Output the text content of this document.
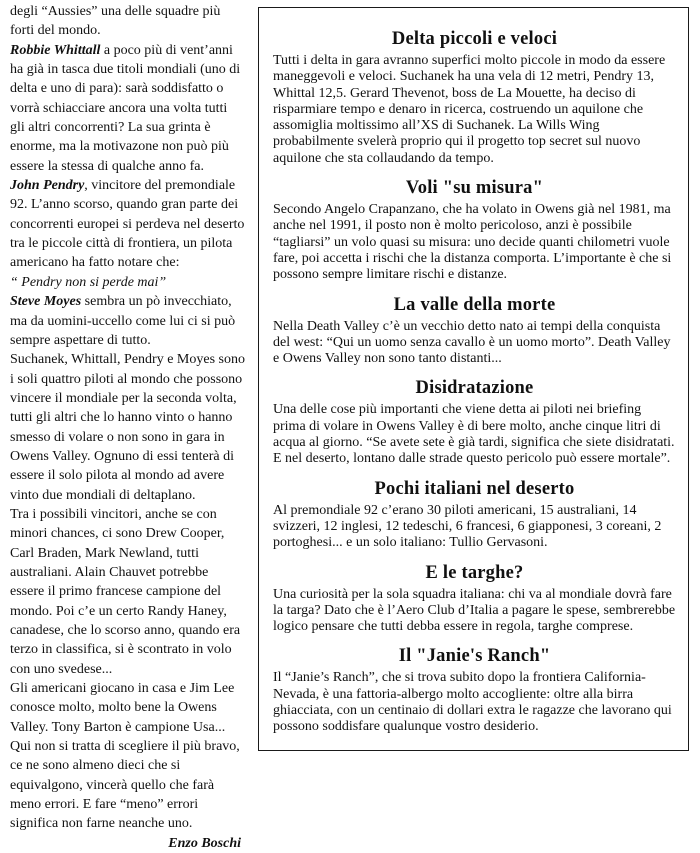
degli “Aussies” una delle squadre più forti del mondo.

Robbie Whittall a poco più di vent’anni ha già in tasca due titoli mondiali (uno di delta e uno di para): sarà soddisfatto o vorrà schiacciare ancora una volta tutti gli altri concorrenti? La sua grinta è enorme, ma la motivazone non può più essere la stessa di qualche anno fa.

John Pendry, vincitore del premondiale 92. L’anno scorso, quando gran parte dei concorrenti europei si perdeva nel deserto tra le piccole città di frontiera, un pilota americano ha fatto notare che:

“ Pendry non si perde mai”

Steve Moyes sembra un pò invecchiato, ma da uomini-uccello come lui ci si può sempre aspettare di tutto.

Suchanek, Whittall, Pendry e Moyes sono i soli quattro piloti al mondo che possono vincere il mondiale per la seconda volta, tutti gli altri che lo hanno vinto o hanno smesso di volare o non sono in gara in Owens Valley. Ognuno di essi tenterà di essere il solo pilota al mondo ad avere vinto due mondiali di deltaplano.

Tra i possibili vincitori, anche se con minori chances, ci sono Drew Cooper, Carl Braden, Mark Newland, tutti australiani. Alain Chauvet potrebbe essere il primo francese campione del mondo. Poi c’e un certo Randy Haney, canadese, che lo scorso anno, quando era terzo in classifica, si è scontrato in volo con uno svedese...

Gli americani giocano in casa e Jim Lee conosce molto, molto bene la Owens Valley. Tony Barton è campione Usa...

Qui non si tratta di scegliere il più bravo, ce ne sono almeno dieci che si equivalgono, vincerà quello che farà meno errori. E fare “meno” errori significa non farne neanche uno.

Enzo Boschi

Delta piccoli e veloci

Tutti i delta in gara avranno superfici molto piccole in modo da essere maneggevoli e veloci. Suchanek ha una vela di 12 metri, Pendry 13, Whittal 12,5. Gerard Thevenot, boss de La Mouette, ha deciso di risparmiare tempo e denaro in ricerca, costruendo un aquilone che assomiglia moltissimo all’XS di Suchanek. La Wills Wing probabilmente svelerà proprio qui il progetto top secret sul nuovo aquilone che sta collaudando da tempo.

Voli "su misura"

Secondo Angelo Crapanzano, che ha volato in Owens già nel 1981, ma anche nel 1991, il posto non è molto pericoloso, anzi è possibile “tagliarsi” un volo quasi su misura: uno decide quanti chilometri vuole fare, poi accetta i rischi che la distanza comporta. L’importante è che si possono sempre limitare rischi e distanze.

La valle della morte

Nella Death Valley c’è un vecchio detto nato ai tempi della conquista del west: “Qui un uomo senza cavallo è un uomo morto”. Death Valley e Owens Valley non sono tanto distanti...

Disidratazione

Una delle cose più importanti che viene detta ai piloti nei briefing prima di volare in Owens Valley è di bere molto, anche cinque litri di acqua al giorno. “Se avete sete è già tardi, significa che siete disidratati. E nel deserto, lontano dalle strade questo pericolo può essere mortale”.

Pochi italiani nel deserto

Al premondiale 92 c’erano 30 piloti americani, 15 australiani, 14 svizzeri, 12 inglesi, 12 tedeschi, 6 francesi, 6 giapponesi, 3 coreani, 2 portoghesi... e un solo italiano: Tullio Gervasoni.

E le targhe?

Una curiosità per la sola squadra italiana: chi va al mondiale dovrà fare la targa? Dato che è l’Aero Club d’Italia a pagare le spese, sembrerebbe logico pensare che tutti debba essere in regola, targhe comprese.

Il "Janie's Ranch"

Il “Janie’s Ranch”, che si trova subito dopo la frontiera California-Nevada, è una fattoria-albergo molto accogliente: oltre alla birra ghiacciata, con un centinaio di dollari extra le ragazze che lavorano qui possono soddisfare qualunque vostro desiderio.
